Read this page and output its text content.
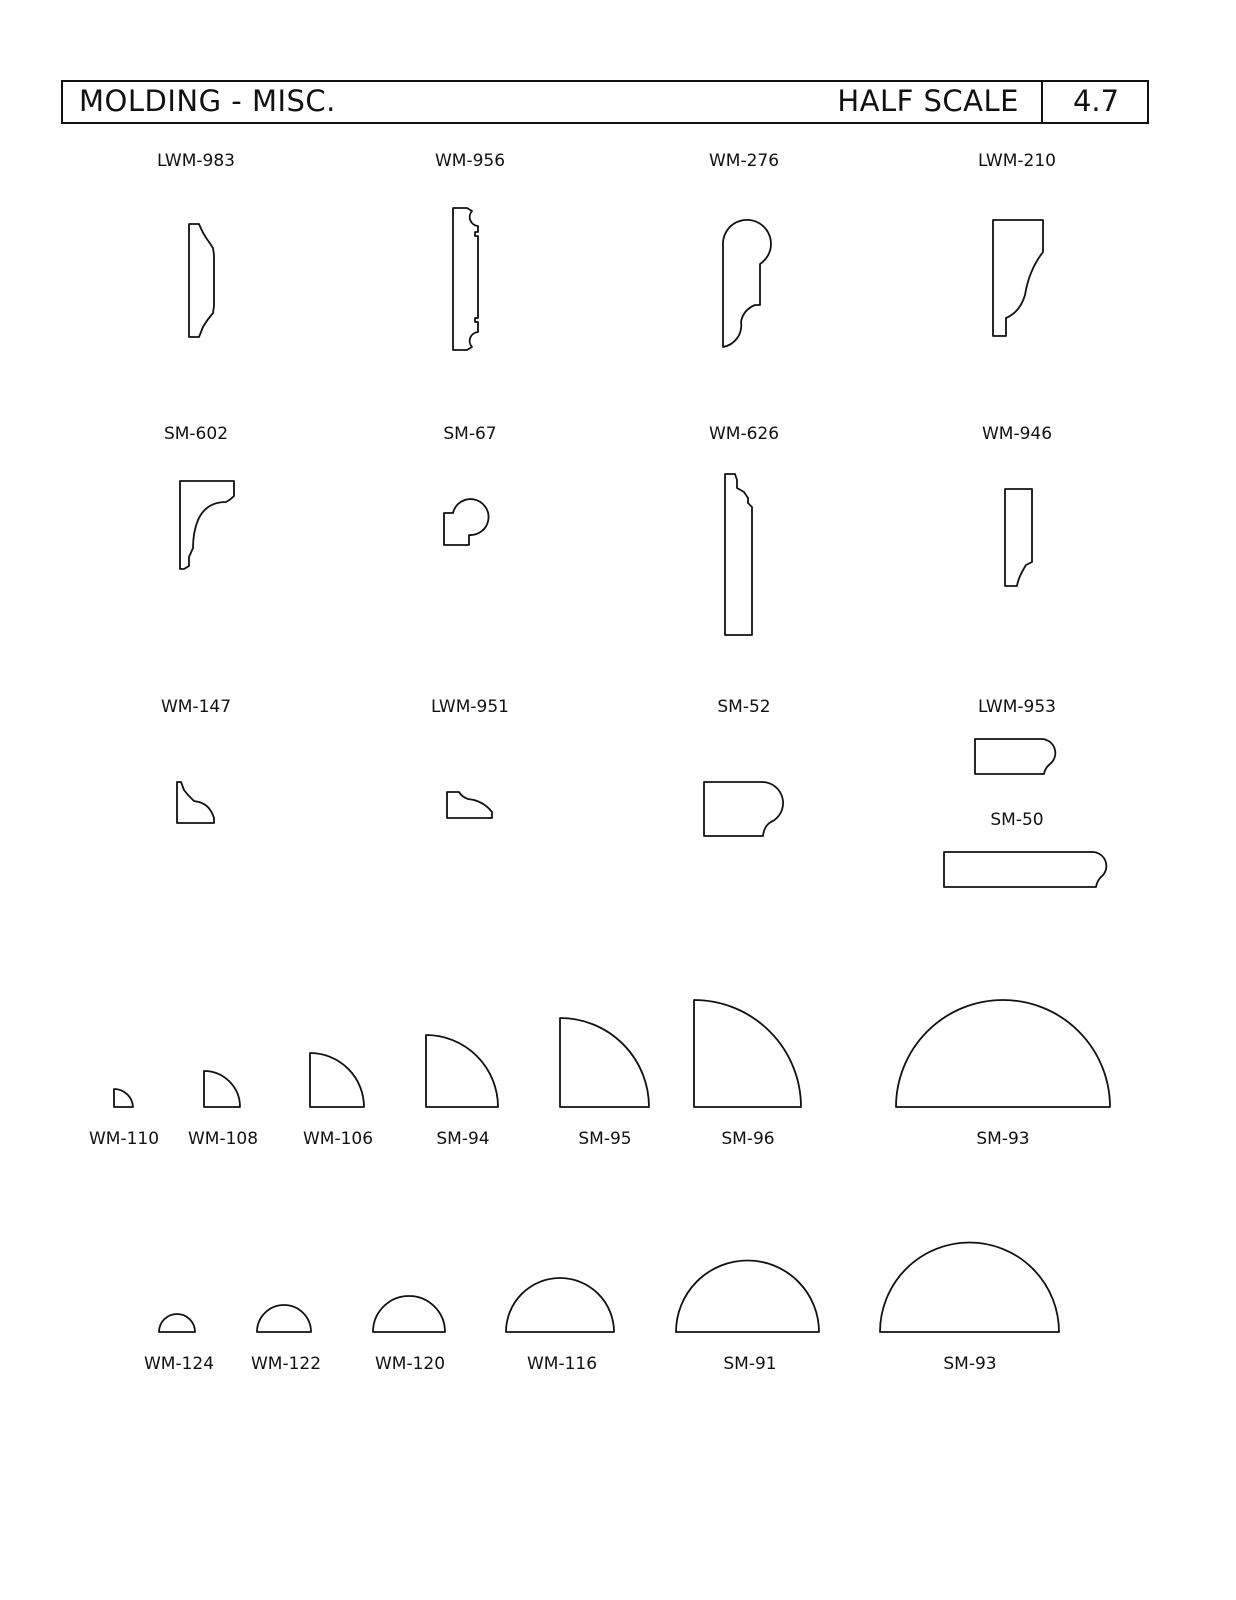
MOLDING - MISC.	HALF SCALE	4.7
LWM-983	WM-956	WM-276	LWM-210
SM-602	SM-67	WM-626	WM-946
WM-147	LWM-951	SM-52	LWM-953
SM-50
WM-110 WM-108	WM-106	SM-94	SM-95	SM-96	SM-93
WM-124 WM-122	WM-120	WM-116	SM-91	SM-93
